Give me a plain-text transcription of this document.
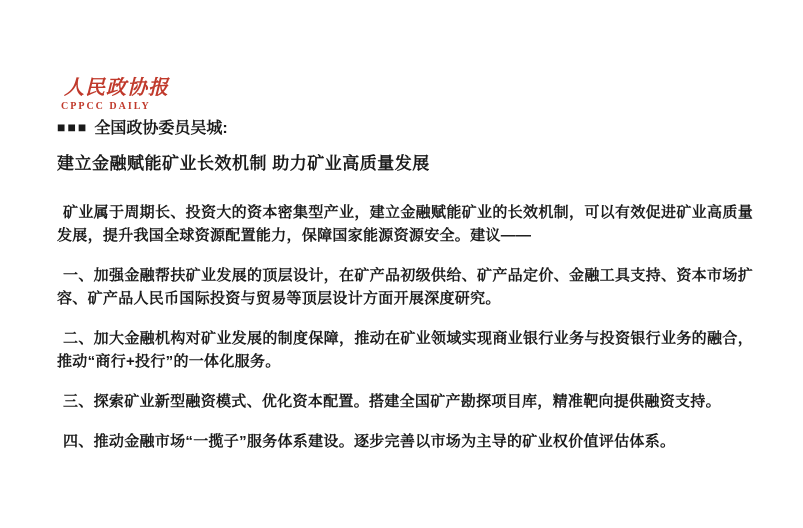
人民政协报
CPPCC DAILY
■■■ 全国政协委员吴城:
建立金融赋能矿业长效机制 助力矿业高质量发展

矿业属于周期长、投资大的资本密集型产业，建立金融赋能矿业的长效机制，可以有效促进矿业高质量发展，提升我国全球资源配置能力，保障国家能源资源安全。建议——

一、加强金融帮扶矿业发展的顶层设计，在矿产品初级供给、矿产品定价、金融工具支持、资本市场扩容、矿产品人民币国际投资与贸易等顶层设计方面开展深度研究。

二、加大金融机构对矿业发展的制度保障，推动在矿业领域实现商业银行业务与投资银行业务的融合，推动“商行+投行”的一体化服务。

三、探索矿业新型融资模式、优化资本配置。搭建全国矿产勘探项目库，精准靶向提供融资支持。

四、推动金融市场“一揽子”服务体系建设。逐步完善以市场为主导的矿业权价值评估体系。
